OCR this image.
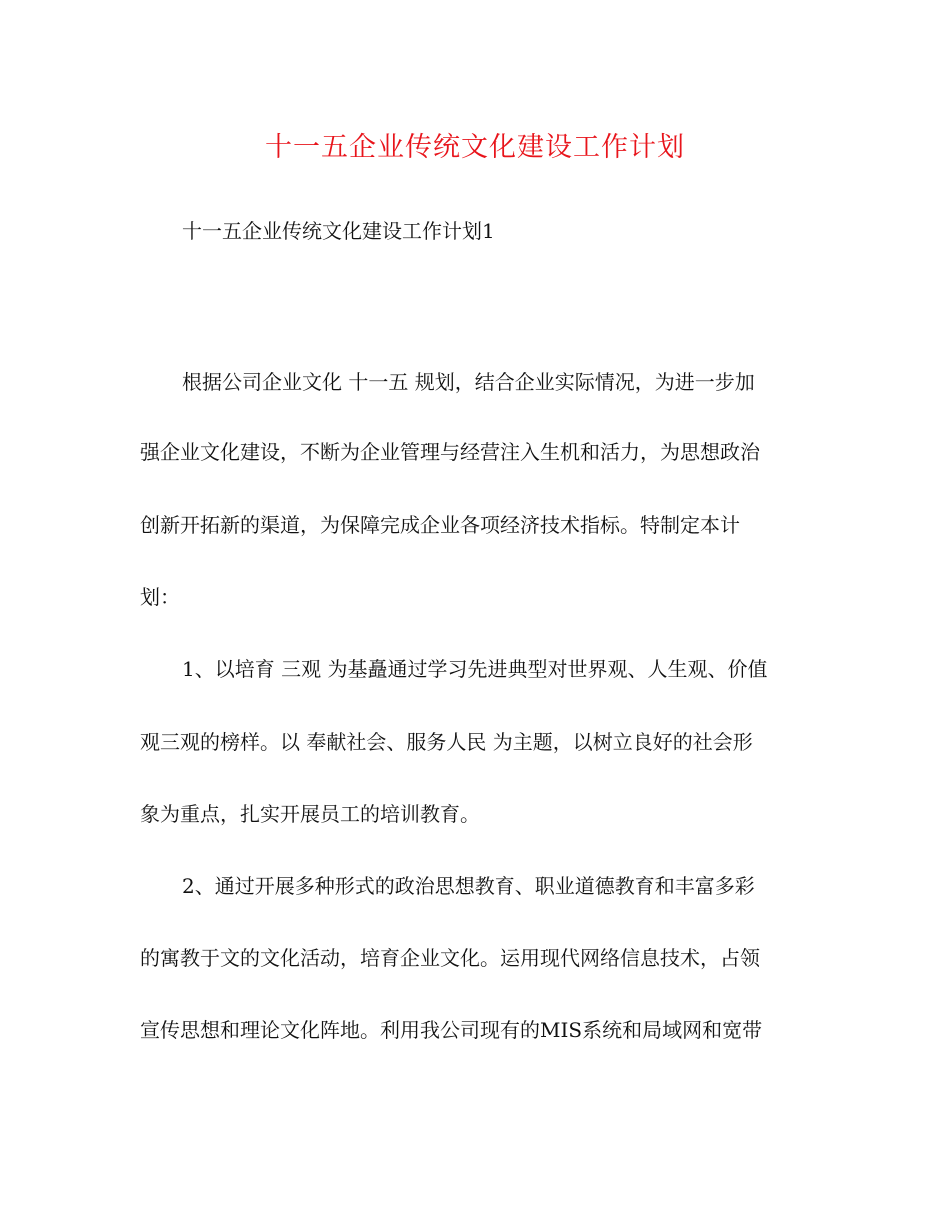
十一五企业传统文化建设工作计划
十一五企业传统文化建设工作计划1
根据公司企业文化 十一五 规划，结合企业实际情况，为进一步加
强企业文化建设，不断为企业管理与经营注入生机和活力，为思想政治
创新开拓新的渠道，为保障完成企业各项经济技术指标。特制定本计
划：
1、以培育 三观 为基矗通过学习先进典型对世界观、人生观、价值
观三观的榜样。以 奉献社会、服务人民 为主题，以树立良好的社会形
象为重点，扎实开展员工的培训教育。
2、通过开展多种形式的政治思想教育、职业道德教育和丰富多彩
的寓教于文的文化活动，培育企业文化。运用现代网络信息技术，占领
宣传思想和理论文化阵地。利用我公司现有的MIS系统和局域网和宽带
